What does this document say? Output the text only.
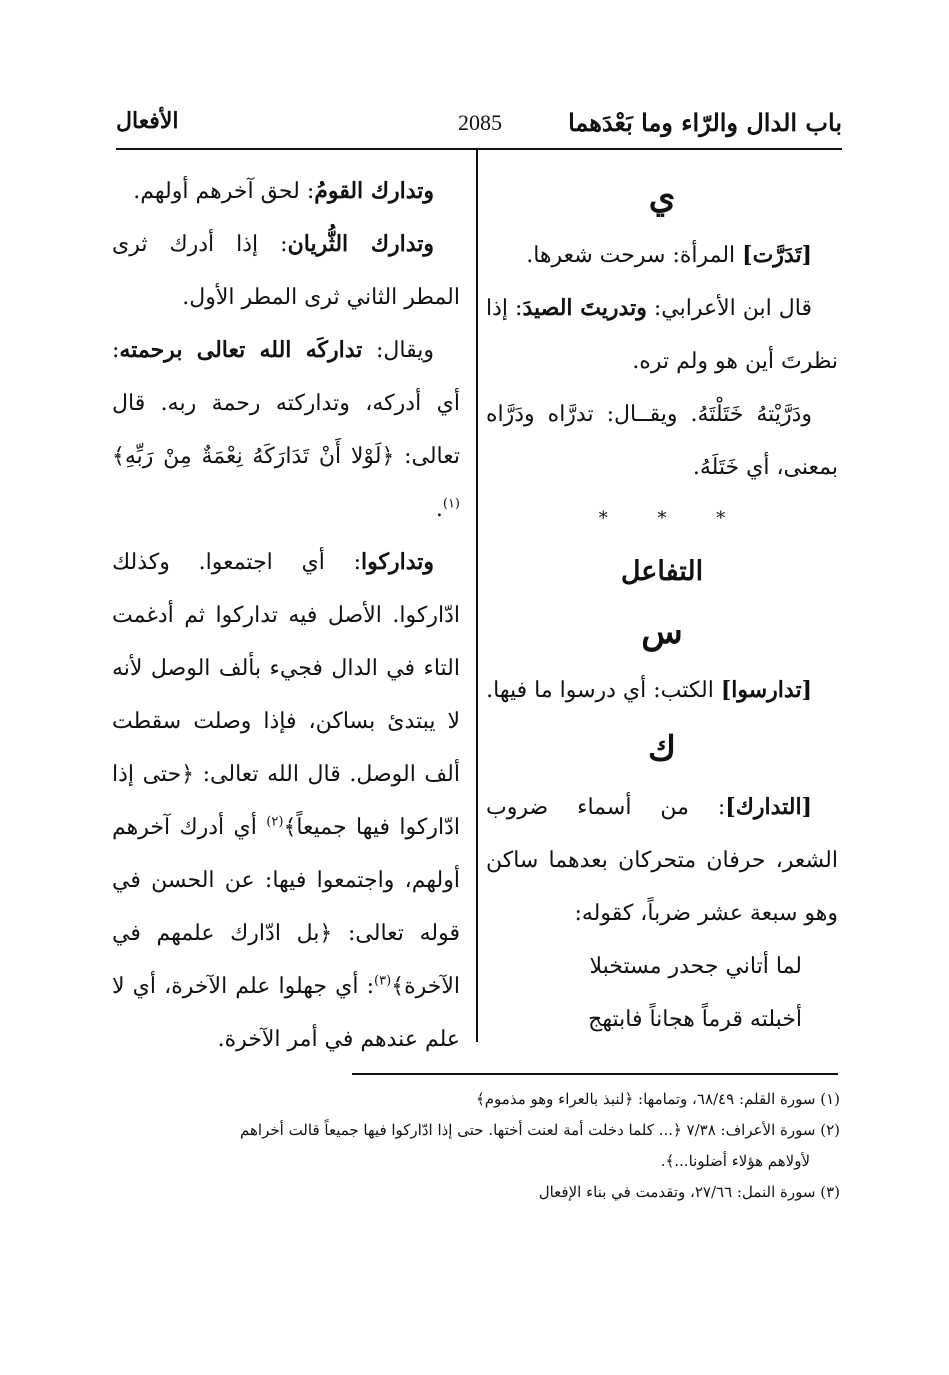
باب الدال والرّاء وما بَعْدَهما
2085
الأفعال

ي

[تَدَرَّت] المرأة: سرحت شعرها.

قال ابن الأعرابي: وتدريتَ الصيدَ: إذا نظرتَ أين هو ولم تره.

ودَرَّيْتهُ خَتَلْتَهُ. ويقــال: تدرَّاه ودَرَّاه بمعنى، أي خَتَلَهُ.

* * *

التفاعل

س

[تدارسوا] الكتب: أي درسوا ما فيها.

ك

[التدارك]: من أسماء ضروب الشعر، حرفان متحركان بعدهما ساكن وهو سبعة عشر ضرباً، كقوله:

لما أتاني جحدر مستخبلا

أخبلته قرماً هجاناً فابتهج

وتدارك القومُ: لحق آخرهم أولهم.

وتدارك الثُّريان: إذا أدرك ثرى المطر الثاني ثرى المطر الأول.

ويقال: تداركَه الله تعالى برحمته: أي أدركه، وتداركته رحمة ربه. قال تعالى: ﴿لَوْلا أَنْ تَدَارَكَهُ نِعْمَةٌ مِنْ رَبِّهِ﴾$^{(١)}$.

وتداركوا: أي اجتمعوا. وكذلك ادّاركوا. الأصل فيه تداركوا ثم أدغمت التاء في الدال فجيء بألف الوصل لأنه لا يبتدئ بساكن، فإذا وصلت سقطت ألف الوصل. قال الله تعالى: ﴿حتى إذا ادّاركوا فيها جميعاً﴾$^{(٢)}$ أي أدرك آخرهم أولهم، واجتمعوا فيها: عن الحسن في قوله تعالى: ﴿بل ادّارك علمهم في الآخرة﴾$^{(٣)}$: أي جهلوا علم الآخرة، أي لا علم عندهم في أمر الآخرة.

(١) سورة القلم: ٦٨/٤٩، وتمامها: ﴿لنبذ بالعراء وهو مذموم﴾

(٢) سورة الأعراف: ٧/٣٨ ﴿... كلما دخلت أمة لعنت أختها. حتى إذا ادّاركوا فيها جميعاً قالت أخراهم

لأولاهم هؤلاء أضلونا...﴾.

(٣) سورة النمل: ٢٧/٦٦، وتقدمت في بناء الإفعال
